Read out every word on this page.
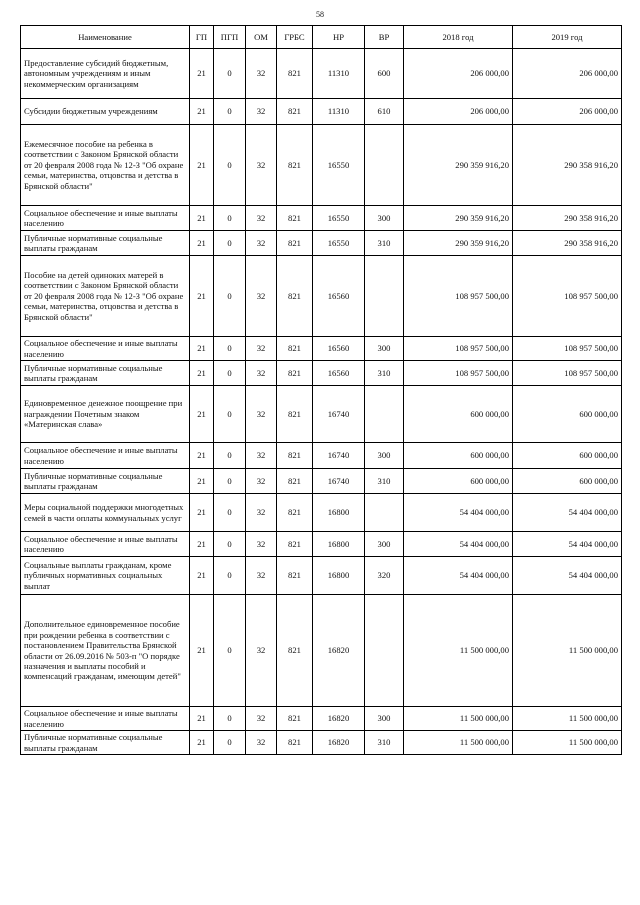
58
Наименование	ГП	ПГП	ОМ	ГРБС	НР	ВР	2018 год	2019 год
Предоставление субсидий бюджетным, автономным учреждениям и иным некоммерческим организациям	21	0	32	821	11310	600	206 000,00	206 000,00
Субсидии бюджетным учреждениям	21	0	32	821	11310	610	206 000,00	206 000,00
Ежемесячное пособие на ребенка в соответствии с Законом Брянской области от 20 февраля 2008 года № 12-З "Об охране семьи, материнства, отцовства и детства в Брянской области"	21	0	32	821	16550		290 359 916,20	290 358 916,20
Социальное обеспечение и иные выплаты населению	21	0	32	821	16550	300	290 359 916,20	290 358 916,20
Публичные нормативные социальные выплаты гражданам	21	0	32	821	16550	310	290 359 916,20	290 358 916,20
Пособие на детей одиноких матерей в соответствии с Законом Брянской области от 20 февраля 2008 года № 12-З "Об охране семьи, материнства, отцовства и детства в Брянской области"	21	0	32	821	16560		108 957 500,00	108 957 500,00
Социальное обеспечение и иные выплаты населению	21	0	32	821	16560	300	108 957 500,00	108 957 500,00
Публичные нормативные социальные выплаты гражданам	21	0	32	821	16560	310	108 957 500,00	108 957 500,00
Единовременное денежное поощрение при награждении Почетным знаком «Материнская слава»	21	0	32	821	16740		600 000,00	600 000,00
Социальное обеспечение и иные выплаты населению	21	0	32	821	16740	300	600 000,00	600 000,00
Публичные нормативные социальные выплаты гражданам	21	0	32	821	16740	310	600 000,00	600 000,00
Меры социальной поддержки многодетных семей в части оплаты коммунальных услуг	21	0	32	821	16800		54 404 000,00	54 404 000,00
Социальное обеспечение и иные выплаты населению	21	0	32	821	16800	300	54 404 000,00	54 404 000,00
Социальные выплаты гражданам, кроме публичных нормативных социальных выплат	21	0	32	821	16800	320	54 404 000,00	54 404 000,00
Дополнительное единовременное пособие при рождении ребенка в соответствии с постановлением Правительства Брянской области от 26.09.2016 № 503-п "О порядке назначения и выплаты пособий и компенсаций гражданам, имеющим детей"	21	0	32	821	16820		11 500 000,00	11 500 000,00
Социальное обеспечение и иные выплаты населению	21	0	32	821	16820	300	11 500 000,00	11 500 000,00
Публичные нормативные социальные выплаты гражданам	21	0	32	821	16820	310	11 500 000,00	11 500 000,00
